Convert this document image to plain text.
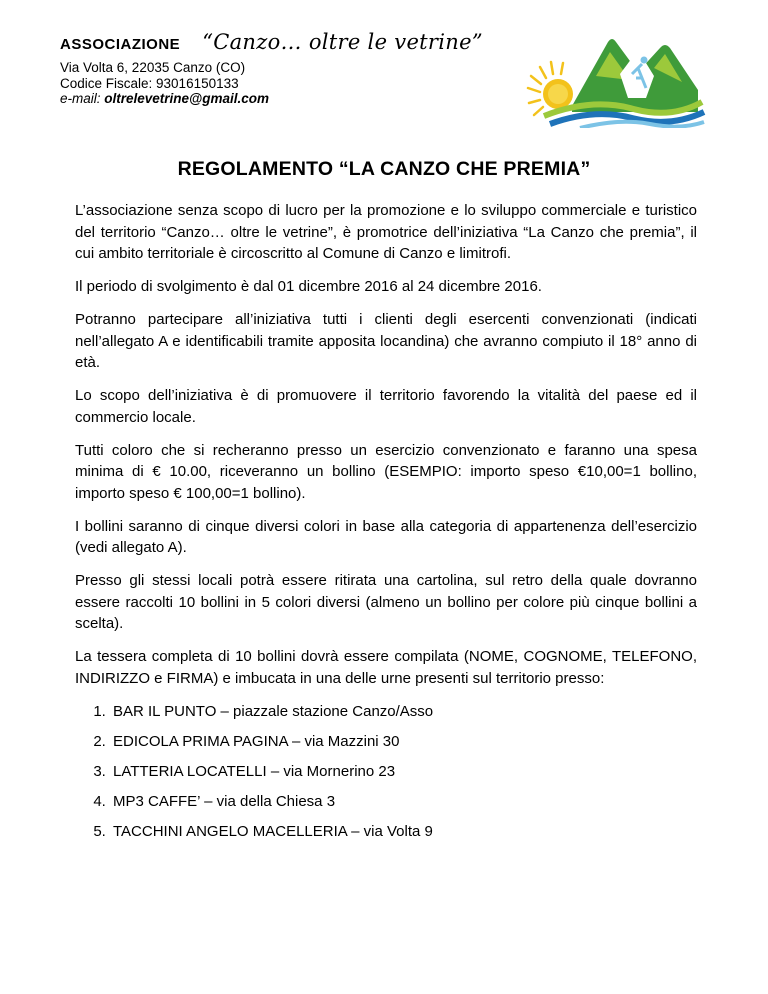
ASSOCIAZIONE “Canzo… oltre le vetrine”
Via Volta 6, 22035 Canzo (CO)
Codice Fiscale: 93016150133
e-mail: oltrelevetrine@gmail.com
REGOLAMENTO “LA CANZO CHE PREMIA”

L’associazione senza scopo di lucro per la promozione e lo sviluppo commerciale e turistico del territorio “Canzo… oltre le vetrine”, è promotrice dell’iniziativa “La Canzo che premia”, il cui ambito territoriale è circoscritto al Comune di Canzo e limitrofi.

Il periodo di svolgimento è dal 01 dicembre 2016 al 24 dicembre 2016.

Potranno partecipare all’iniziativa tutti i clienti degli esercenti convenzionati (indicati nell’allegato A e identificabili tramite apposita locandina) che avranno compiuto il 18° anno di età.

Lo scopo dell’iniziativa è di promuovere il territorio favorendo la vitalità del paese ed il commercio locale.

Tutti coloro che si recheranno presso un esercizio convenzionato e faranno una spesa minima di € 10.00, riceveranno un bollino (ESEMPIO: importo speso €10,00=1 bollino, importo speso € 100,00=1 bollino).

I bollini saranno di cinque diversi colori in base alla categoria di appartenenza dell’esercizio (vedi allegato A).

Presso gli stessi locali potrà essere ritirata una cartolina, sul retro della quale dovranno essere raccolti 10 bollini in 5 colori diversi (almeno un bollino per colore più cinque bollini a scelta).

La tessera completa di 10 bollini dovrà essere compilata (NOME, COGNOME, TELEFONO, INDIRIZZO e FIRMA) e imbucata in una delle urne presenti sul territorio presso:

1. BAR IL PUNTO – piazzale stazione Canzo/Asso
2. EDICOLA PRIMA PAGINA – via Mazzini 30
3. LATTERIA LOCATELLI – via Mornerino 23
4. MP3 CAFFE’ – via della Chiesa 3
5. TACCHINI ANGELO MACELLERIA – via Volta 9
